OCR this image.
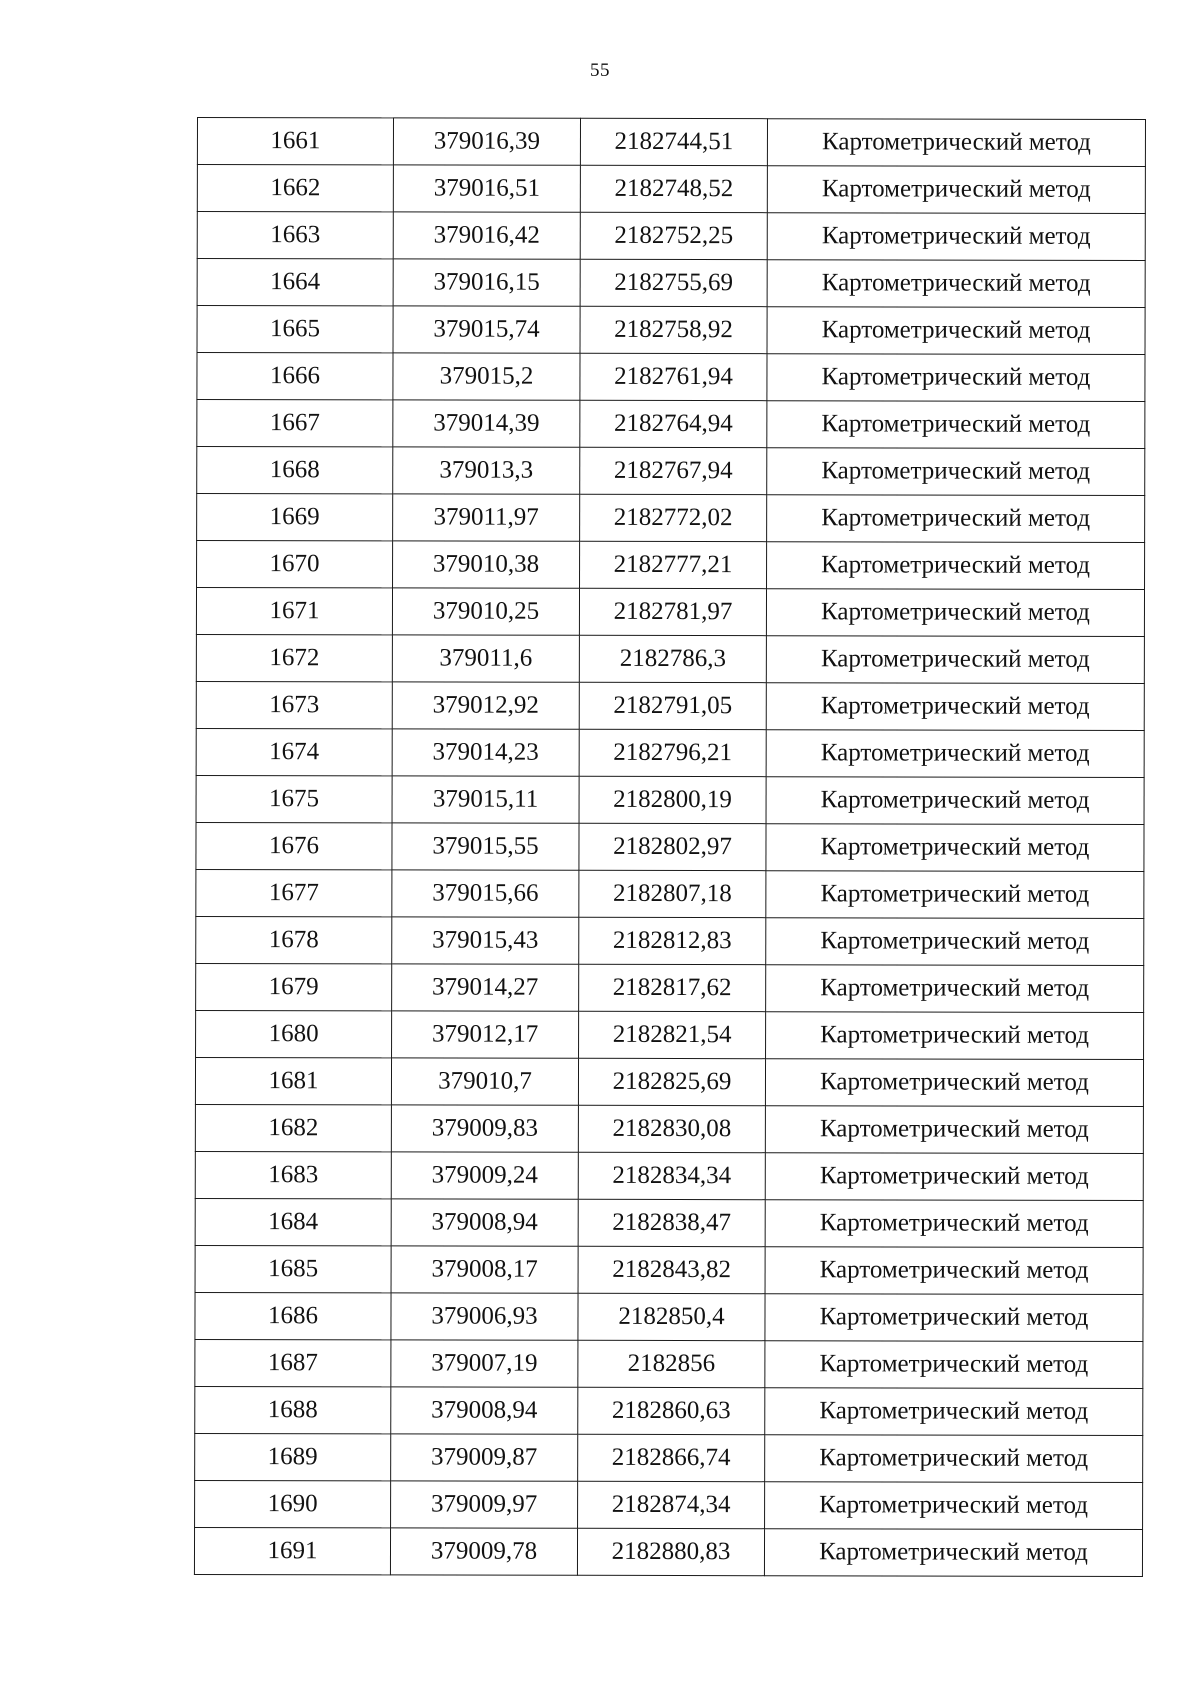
55
1661	379016,39	2182744,51	Картометрический метод
1662	379016,51	2182748,52	Картометрический метод
1663	379016,42	2182752,25	Картометрический метод
1664	379016,15	2182755,69	Картометрический метод
1665	379015,74	2182758,92	Картометрический метод
1666	379015,2	2182761,94	Картометрический метод
1667	379014,39	2182764,94	Картометрический метод
1668	379013,3	2182767,94	Картометрический метод
1669	379011,97	2182772,02	Картометрический метод
1670	379010,38	2182777,21	Картометрический метод
1671	379010,25	2182781,97	Картометрический метод
1672	379011,6	2182786,3	Картометрический метод
1673	379012,92	2182791,05	Картометрический метод
1674	379014,23	2182796,21	Картометрический метод
1675	379015,11	2182800,19	Картометрический метод
1676	379015,55	2182802,97	Картометрический метод
1677	379015,66	2182807,18	Картометрический метод
1678	379015,43	2182812,83	Картометрический метод
1679	379014,27	2182817,62	Картометрический метод
1680	379012,17	2182821,54	Картометрический метод
1681	379010,7	2182825,69	Картометрический метод
1682	379009,83	2182830,08	Картометрический метод
1683	379009,24	2182834,34	Картометрический метод
1684	379008,94	2182838,47	Картометрический метод
1685	379008,17	2182843,82	Картометрический метод
1686	379006,93	2182850,4	Картометрический метод
1687	379007,19	2182856	Картометрический метод
1688	379008,94	2182860,63	Картометрический метод
1689	379009,87	2182866,74	Картометрический метод
1690	379009,97	2182874,34	Картометрический метод
1691	379009,78	2182880,83	Картометрический метод
